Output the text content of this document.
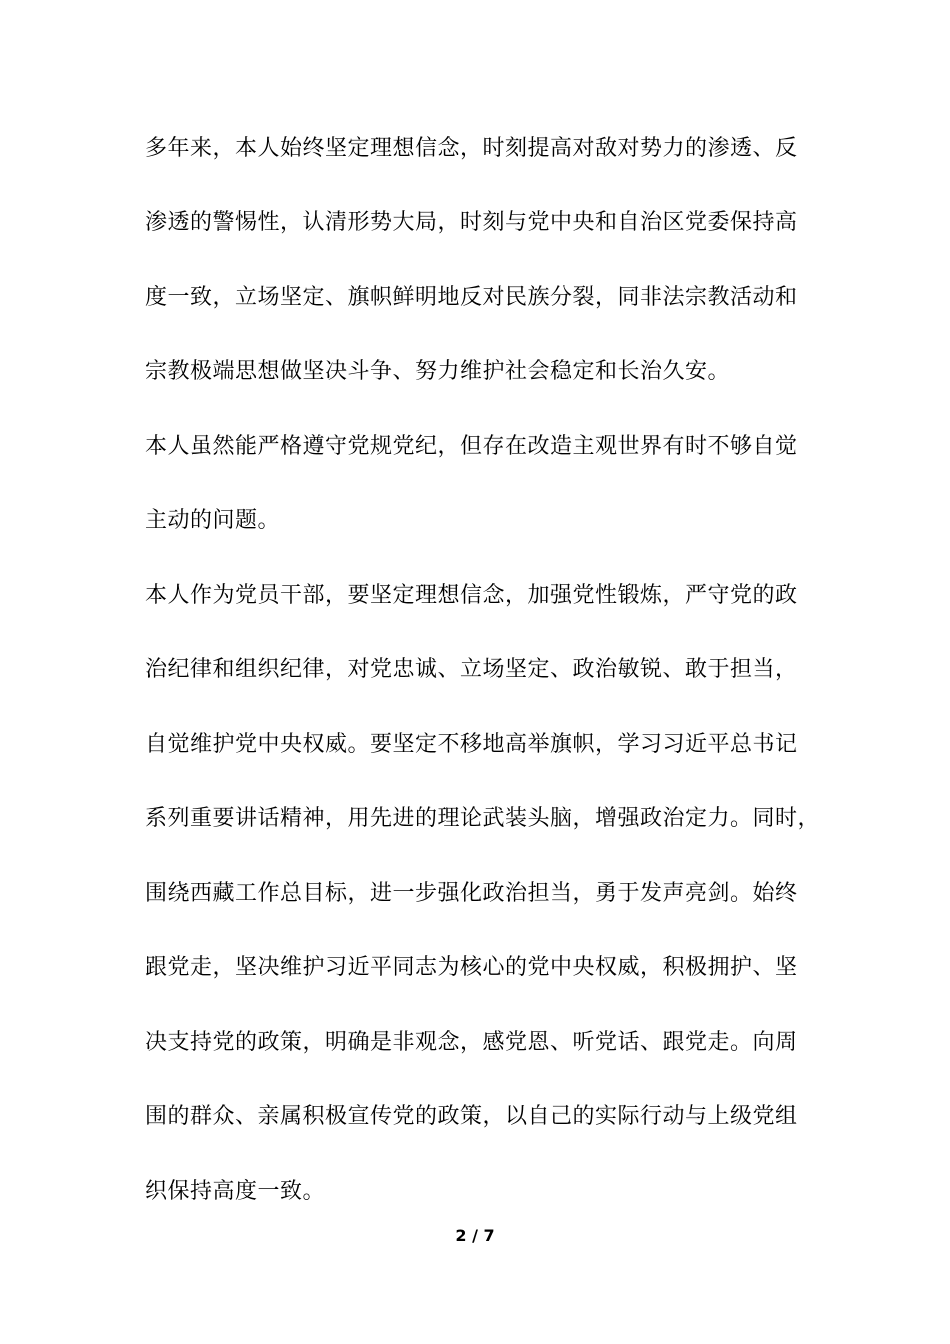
多年来，本人始终坚定理想信念，时刻提高对敌对势力的渗透、反
渗透的警惕性，认清形势大局，时刻与党中央和自治区党委保持高
度一致，立场坚定、旗帜鲜明地反对民族分裂，同非法宗教活动和
宗教极端思想做坚决斗争、努力维护社会稳定和长治久安。
本人虽然能严格遵守党规党纪，但存在改造主观世界有时不够自觉
主动的问题。
本人作为党员干部，要坚定理想信念，加强党性锻炼，严守党的政
治纪律和组织纪律，对党忠诚、立场坚定、政治敏锐、敢于担当，
自觉维护党中央权威。要坚定不移地高举旗帜，学习习近平总书记
系列重要讲话精神，用先进的理论武装头脑，增强政治定力。同时，
围绕西藏工作总目标，进一步强化政治担当，勇于发声亮剑。始终
跟党走，坚决维护习近平同志为核心的党中央权威，积极拥护、坚
决支持党的政策，明确是非观念，感党恩、听党话、跟党走。向周
围的群众、亲属积极宣传党的政策，以自己的实际行动与上级党组
织保持高度一致。
2 / 7
